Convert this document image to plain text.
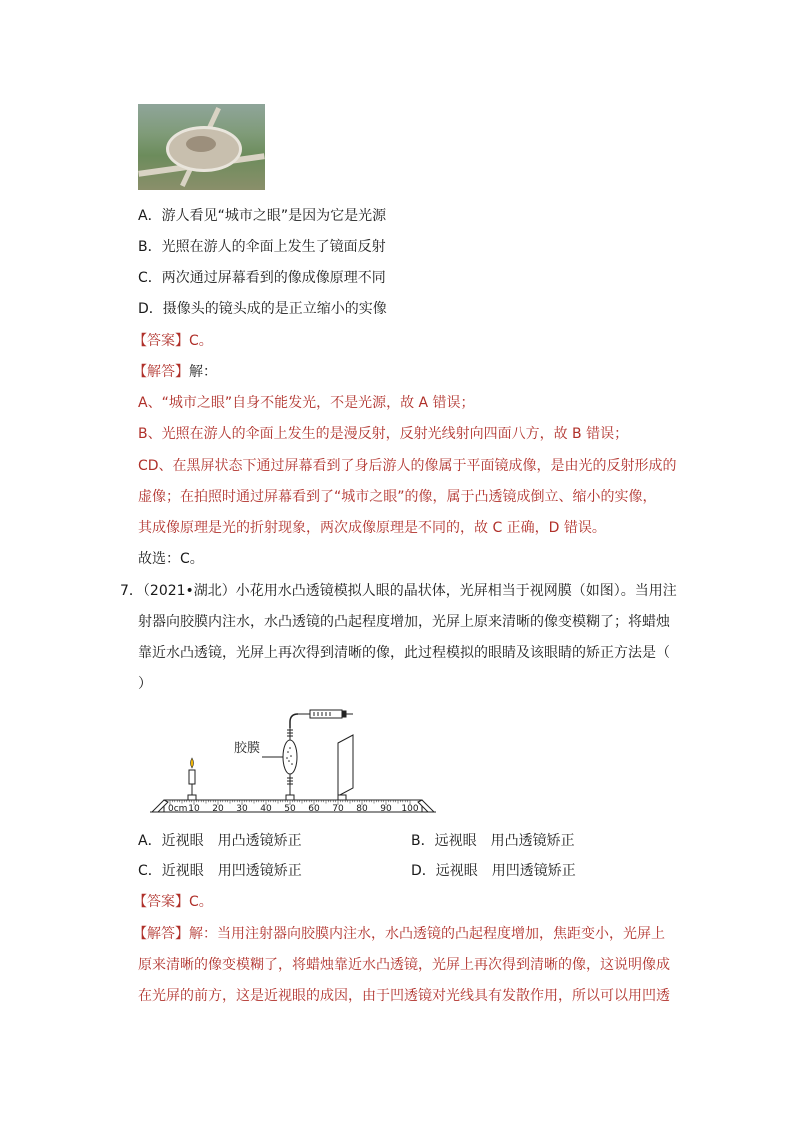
A．游人看见“城市之眼”是因为它是光源
B．光照在游人的伞面上发生了镜面反射
C．两次通过屏幕看到的像成像原理不同
D．摄像头的镜头成的是正立缩小的实像
【答案】C。
【解答】解：
A、“城市之眼”自身不能发光，不是光源，故 A 错误；
B、光照在游人的伞面上发生的是漫反射，反射光线射向四面八方，故 B 错误；
CD、在黑屏状态下通过屏幕看到了身后游人的像属于平面镜成像，是由光的反射形成的
虚像；在拍照时通过屏幕看到了“城市之眼”的像，属于凸透镜成倒立、缩小的实像，
其成像原理是光的折射现象，两次成像原理是不同的，故 C 正确，D 错误。
故选：C。
7．（2021•湖北）小花用水凸透镜模拟人眼的晶状体，光屏相当于视网膜（如图）。当用注
射器向胶膜内注水，水凸透镜的凸起程度增加，光屏上原来清晰的像变模糊了；将蜡烛
靠近水凸透镜，光屏上再次得到清晰的像，此过程模拟的眼睛及该眼睛的矫正方法是（
）
胶膜
0cm 10 20 30 40 50 60 70 80 90 100
A．近视眼　用凸透镜矫正	B．远视眼　用凸透镜矫正
C．近视眼　用凹透镜矫正	D．远视眼　用凹透镜矫正
【答案】C。
【解答】解：当用注射器向胶膜内注水，水凸透镜的凸起程度增加，焦距变小，光屏上
原来清晰的像变模糊了，将蜡烛靠近水凸透镜，光屏上再次得到清晰的像，这说明像成
在光屏的前方，这是近视眼的成因，由于凹透镜对光线具有发散作用，所以可以用凹透
